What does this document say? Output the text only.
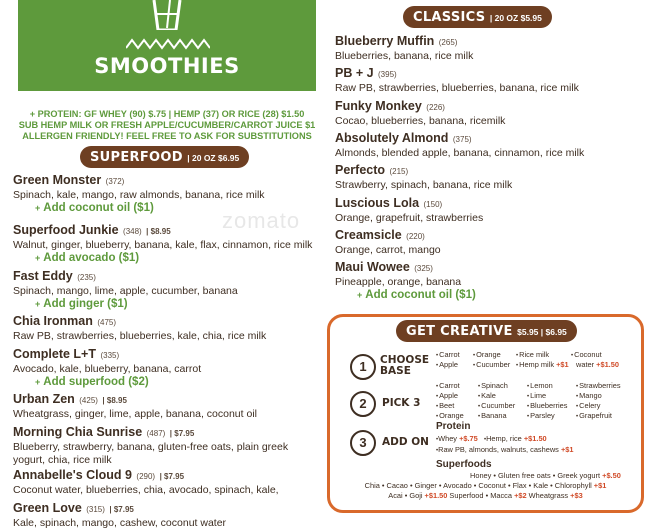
SMOOTHIES
+ PROTEIN: GF WHEY (90) $.75 | HEMP (37) OR RICE (28) $1.50
SUB HEMP MILK OR FRESH APPLE/CUCUMBER/CARROT JUICE $1
ALLERGEN FRIENDLY! FEEL FREE TO ASK FOR SUBSTITUTIONS
SUPERFOOD | 20 OZ $6.95
Green Monster (372)
Spinach, kale, mango, raw almonds, banana, rice milk
+ Add coconut oil ($1)
Superfood Junkie (348) | $8.95
Walnut, ginger, blueberry, banana, kale, flax, cinnamon, rice milk
+ Add avocado ($1)
Fast Eddy (235)
Spinach, mango, lime, apple, cucumber, banana
+ Add ginger ($1)
Chia Ironman (475)
Raw PB, strawberries, blueberries, kale, chia, rice milk
Complete L+T (335)
Avocado, kale, blueberry, banana, carrot
+ Add superfood ($2)
Urban Zen (425) | $8.95
Wheatgrass, ginger, lime, apple, banana, coconut oil
Morning Chia Sunrise (487) | $7.95
Blueberry, strawberry, banana, gluten-free oats, plain greek
yogurt, chia, rice milk
Annabelle's Cloud 9 (290) | $7.95
Coconut water, blueberries, chia, avocado, spinach, kale,
Green Love (315) | $7.95
Kale, spinach, mango, cashew, coconut water
zomato
CLASSICS | 20 OZ $5.95
Blueberry Muffin (265)
Blueberries, banana, rice milk
PB + J (395)
Raw PB, strawberries, blueberries, banana, rice milk
Funky Monkey (226)
Cocao, blueberries, banana, ricemilk
Absolutely Almond (375)
Almonds, blended apple, banana, cinnamon, rice milk
Perfecto (215)
Strawberry, spinach, banana, rice milk
Luscious Lola (150)
Orange, grapefruit, strawberries
Creamsicle (220)
Orange, carrot, mango
Maui Wowee (325)
Pineapple, orange, banana
+ Add coconut oil ($1)
GET CREATIVE $5.95 | $6.95
1	CHOOSE
BASE
•Carrot •Orange	•Rice milk	•Coconut
•Apple •Cucumber •Hemp milk +$1 water +$1.50
2	PICK 3
•Carrot	•Spinach	•Lemon	•Strawberries
•Apple	•Kale	•Lime	•Mango
•Beet	•Cucumber •Blueberries •Celery
•Orange •Banana	•Parsley	•Grapefruit
3	ADD ON
Protein
•Whey +$.75 •Hemp, rice +$1.50
•Raw PB, almonds, walnuts, cashews +$1
Superfoods
Honey • Gluten free oats • Greek yogurt +$.50
Chia • Cacao • Ginger • Avocado • Coconut • Flax • Kale • Chlorophyll +$1
Acai • Goji +$1.50 Superfood • Macca +$2 Wheatgrass +$3
